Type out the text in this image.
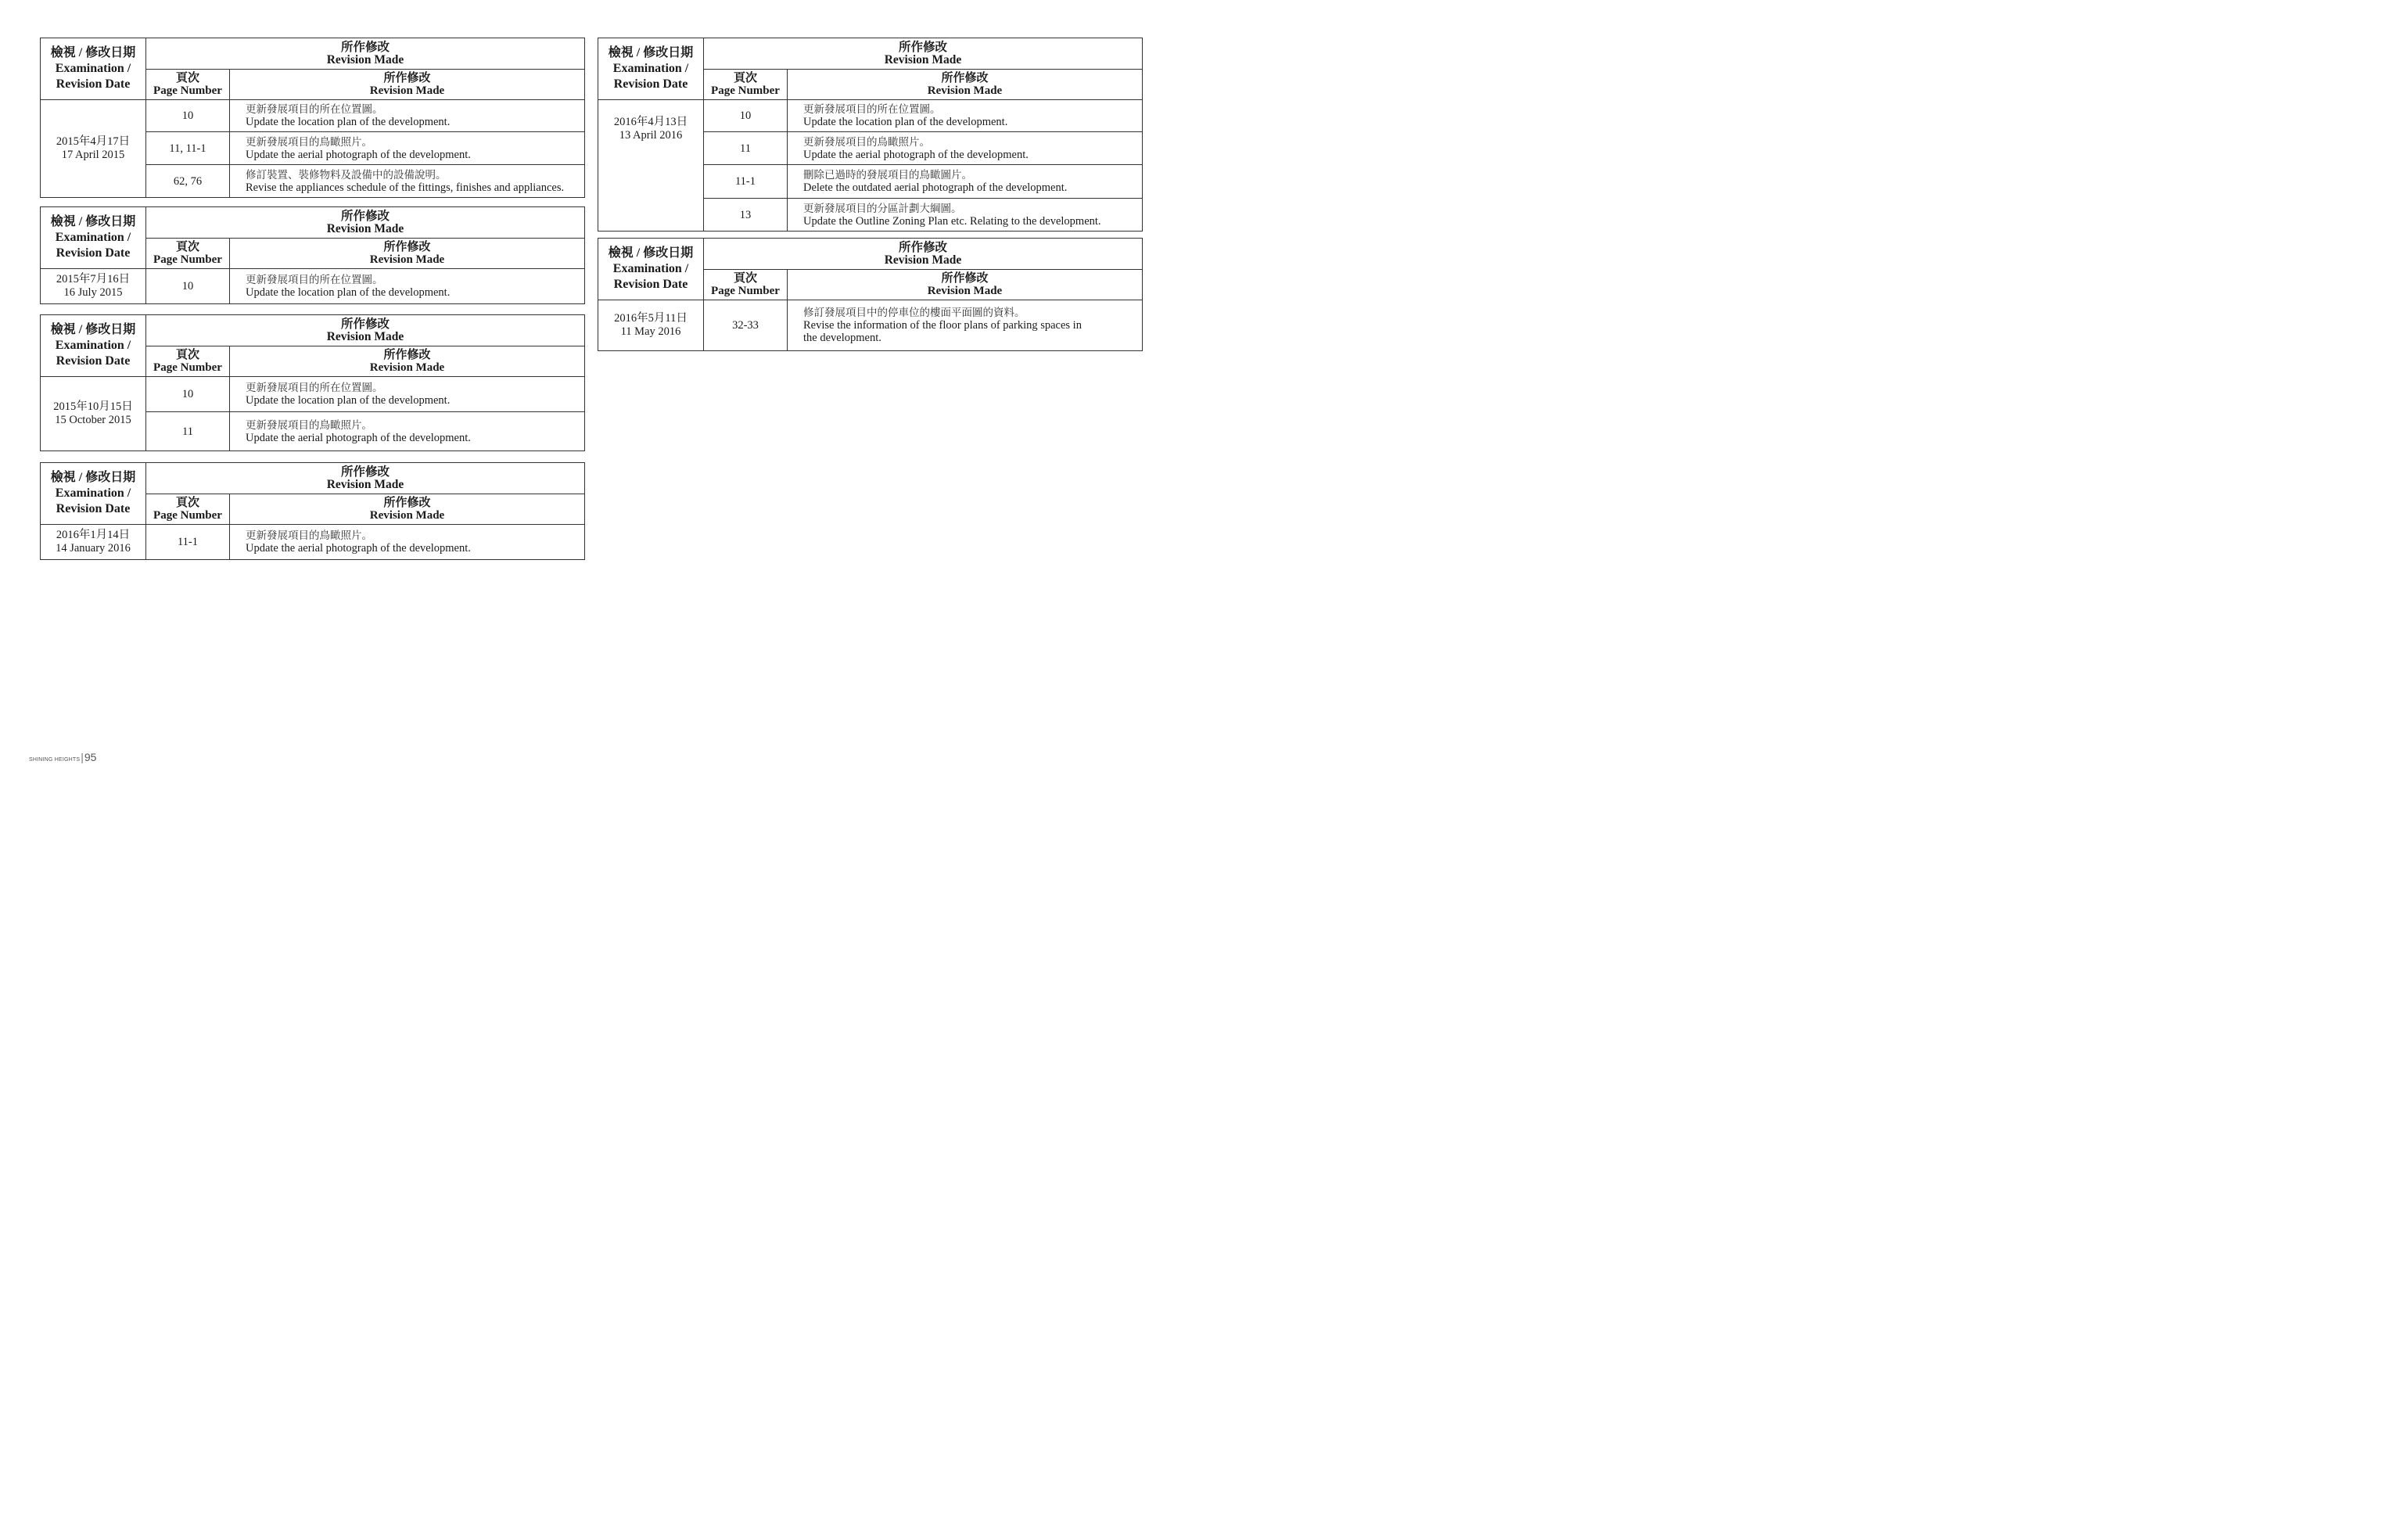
檢視 / 修改日期
Examination /
Revision Date	所作修改
Revision Made	

	頁次
Page Number	所作修改
Revision Made

2015年4月17日
17 April 2015	10	更新發展項目的所在位置圖。
Update the location plan of the development.

	11, 11-1	更新發展項目的鳥瞰照片。
Update the aerial photograph of the development.

	62, 76	修訂裝置、裝修物料及設備中的設備說明。
Revise the appliances schedule of the fittings, finishes and appliances.
檢視 / 修改日期
Examination /
Revision Date	所作修改
Revision Made	

	頁次
Page Number	所作修改
Revision Made

2015年7月16日
16 July 2015	10	更新發展項目的所在位置圖。
Update the location plan of the development.
檢視 / 修改日期
Examination /
Revision Date	所作修改
Revision Made	

	頁次
Page Number	所作修改
Revision Made

2015年10月15日
15 October 2015	10	更新發展項目的所在位置圖。
Update the location plan of the development.

	11	更新發展項目的鳥瞰照片。
Update the aerial photograph of the development.
檢視 / 修改日期
Examination /
Revision Date	所作修改
Revision Made	

	頁次
Page Number	所作修改
Revision Made

2016年1月14日
14 January 2016	11-1	更新發展項目的鳥瞰照片。
Update the aerial photograph of the development.
檢視 / 修改日期
Examination /
Revision Date	所作修改
Revision Made	

	頁次
Page Number	所作修改
Revision Made

2016年4月13日
13 April 2016	10	更新發展項目的所在位置圖。
Update the location plan of the development.

	11	更新發展項目的鳥瞰照片。
Update the aerial photograph of the development.

	11-1	刪除已過時的發展項目的鳥瞰圖片。
Delete the outdated aerial photograph of the development.

	13	更新發展項目的分區計劃大綱圖。
Update the Outline Zoning Plan etc. Relating to the development.
檢視 / 修改日期
Examination /
Revision Date	所作修改
Revision Made	

	頁次
Page Number	所作修改
Revision Made

2016年5月11日
11 May 2016	32-33	修訂發展項目中的停車位的樓面平面圖的資料。
Revise the information of the floor plans of parking spaces in
the development.
SHINING HEIGHTS|95
